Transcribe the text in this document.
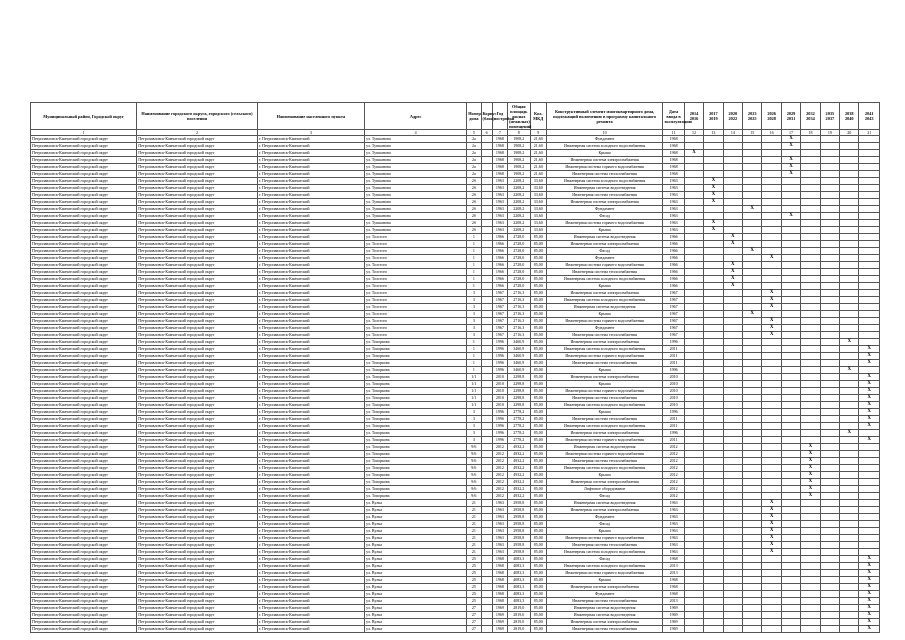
Муниципальный район, Городской округ	Наименование городского округа, городского (сельского) поселения	Наименование населенного пункта	Адрес	Номер дома	Корпус (блок)	Год постройки	Общая площадь жилых (нежилых) помещений	Кол. МКД	Конструктивный элемент многоквартирного дома, подлежащий включению в программу капитального ремонта	Дата ввода в эксплуатацию	2014 2016	2017 2019	2020 2022	2023 2025	2026 2028	2029 2031	2032 2034	2035 2037	2038 2040	2041 2043
1	2	3	4	5	6	7	8	9	10	11	12	13	14	15	16	17	18	19	20	21
Петропавловск-Камчатский городской округ	Петропавловск-Камчатский городской округ	г. Петропавловск-Камчатский	ул. Тушканова	2а		1968	1908,2	21,60	Фундамент	1968						X				
Петропавловск-Камчатский городской округ	Петропавловск-Камчатский городской округ	г. Петропавловск-Камчатский	ул. Тушканова	2а		1968	1908,2	21,60	Инженерная система холодного водоснабжения	1968						X				
Петропавловск-Камчатский городской округ	Петропавловск-Камчатский городской округ	г. Петропавловск-Камчатский	ул. Тушканова	2а		1968	1908,2	21,60	Крыша	1968	X									
Петропавловск-Камчатский городской округ	Петропавловск-Камчатский городской округ	г. Петропавловск-Камчатский	ул. Тушканова	2а		1968	1908,2	21,60	Инженерная система электроснабжения	1968						X				
Петропавловск-Камчатский городской округ	Петропавловск-Камчатский городской округ	г. Петропавловск-Камчатский	ул. Тушканова	2а		1968	1908,2	21,60	Инженерная система горячего водоснабжения	1968						X				
Петропавловск-Камчатский городской округ	Петропавловск-Камчатский городской округ	г. Петропавловск-Камчатский	ул. Тушканова	2а		1968	1908,2	21,60	Инженерная система теплоснабжения	1968						X				
Петропавловск-Камчатский городской округ	Петропавловск-Камчатский городской округ	г. Петропавловск-Камчатский	ул. Тушканова	2б		1963	2208,2	33,60	Инженерная система холодного водоснабжения	1963		X								
Петропавловск-Камчатский городской округ	Петропавловск-Камчатский городской округ	г. Петропавловск-Камчатский	ул. Тушканова	2б		1963	2208,2	33,60	Инженерная система водоотведения	1963		X								
Петропавловск-Камчатский городской округ	Петропавловск-Камчатский городской округ	г. Петропавловск-Камчатский	ул. Тушканова	2б		1963	2208,2	33,60	Инженерная система теплоснабжения	1963		X								
Петропавловск-Камчатский городской округ	Петропавловск-Камчатский городской округ	г. Петропавловск-Камчатский	ул. Тушканова	2б		1963	2208,2	33,60	Инженерная система электроснабжения	1963		X								
Петропавловск-Камчатский городской округ	Петропавловск-Камчатский городской округ	г. Петропавловск-Камчатский	ул. Тушканова	2б		1963	2208,2	33,60	Фундамент	1963				X						
Петропавловск-Камчатский городской округ	Петропавловск-Камчатский городской округ	г. Петропавловск-Камчатский	ул. Тушканова	2б		1963	2208,2	33,60	Фасад	1963						X				
Петропавловск-Камчатский городской округ	Петропавловск-Камчатский городской округ	г. Петропавловск-Камчатский	ул. Тушканова	2б		1963	2208,2	33,60	Инженерная система горячего водоснабжения	1963		X								
Петропавловск-Камчатский городской округ	Петропавловск-Камчатский городской округ	г. Петропавловск-Камчатский	ул. Тушканова	2б		1963	2208,2	33,60	Крыша	1963		X								
Петропавловск-Камчатский городской округ	Петропавловск-Камчатский городской округ	г. Петропавловск-Камчатский	ул. Толстого	1		1966	2728,0	85,00	Инженерная система водоотведения	1966			X							
Петропавловск-Камчатский городской округ	Петропавловск-Камчатский городской округ	г. Петропавловск-Камчатский	ул. Толстого	1		1966	2728,0	85,00	Инженерная система электроснабжения	1966			X							
Петропавловск-Камчатский городской округ	Петропавловск-Камчатский городской округ	г. Петропавловск-Камчатский	ул. Толстого	1		1966	2728,0	85,00	Фасад	1966				X						
Петропавловск-Камчатский городской округ	Петропавловск-Камчатский городской округ	г. Петропавловск-Камчатский	ул. Толстого	1		1966	2728,0	85,00	Фундамент	1966					X					
Петропавловск-Камчатский городской округ	Петропавловск-Камчатский городской округ	г. Петропавловск-Камчатский	ул. Толстого	1		1966	2728,0	85,00	Инженерная система горячего водоснабжения	1966			X							
Петропавловск-Камчатский городской округ	Петропавловск-Камчатский городской округ	г. Петропавловск-Камчатский	ул. Толстого	1		1966	2728,0	85,00	Инженерная система теплоснабжения	1966			X							
Петропавловск-Камчатский городской округ	Петропавловск-Камчатский городской округ	г. Петропавловск-Камчатский	ул. Толстого	1		1966	2728,0	85,00	Инженерная система холодного водоснабжения	1966			X							
Петропавловск-Камчатский городской округ	Петропавловск-Камчатский городской округ	г. Петропавловск-Камчатский	ул. Толстого	1		1966	2728,0	85,00	Крыша	1966			X							
Петропавловск-Камчатский городской округ	Петропавловск-Камчатский городской округ	г. Петропавловск-Камчатский	ул. Толстого	3		1967	2716,3	85,00	Инженерная система электроснабжения	1967					X					
Петропавловск-Камчатский городской округ	Петропавловск-Камчатский городской округ	г. Петропавловск-Камчатский	ул. Толстого	3		1967	2716,3	85,00	Инженерная система холодного водоснабжения	1967					X					
Петропавловск-Камчатский городской округ	Петропавловск-Камчатский городской округ	г. Петропавловск-Камчатский	ул. Толстого	3		1967	2716,3	85,00	Инженерная система водоотведения	1967					X					
Петропавловск-Камчатский городской округ	Петропавловск-Камчатский городской округ	г. Петропавловск-Камчатский	ул. Толстого	3		1967	2716,3	85,00	Крыша	1967				X						
Петропавловск-Камчатский городской округ	Петропавловск-Камчатский городской округ	г. Петропавловск-Камчатский	ул. Толстого	3		1967	2716,3	85,00	Инженерная система горячего водоснабжения	1967					X					
Петропавловск-Камчатский городской округ	Петропавловск-Камчатский городской округ	г. Петропавловск-Камчатский	ул. Толстого	3		1967	2716,3	85,00	Фундамент	1967					X					
Петропавловск-Камчатский городской округ	Петропавловск-Камчатский городской округ	г. Петропавловск-Камчатский	ул. Толстого	3		1967	2716,3	85,00	Инженерная система теплоснабжения	1967					X					
Петропавловск-Камчатский городской округ	Петропавловск-Камчатский городской округ	г. Петропавловск-Камчатский	ул. Топоркова	1		1996	3460,9	85,00	Инженерная система электроснабжения	1996									X	
Петропавловск-Камчатский городской округ	Петропавловск-Камчатский городской округ	г. Петропавловск-Камчатский	ул. Топоркова	1		1996	3460,9	85,00	Инженерная система холодного водоснабжения	2011										X
Петропавловск-Камчатский городской округ	Петропавловск-Камчатский городской округ	г. Петропавловск-Камчатский	ул. Топоркова	1		1996	3460,9	85,00	Инженерная система горячего водоснабжения	2011										X
Петропавловск-Камчатский городской округ	Петропавловск-Камчатский городской округ	г. Петропавловск-Камчатский	ул. Топоркова	1		1996	3460,9	85,00	Инженерная система теплоснабжения	2011										X
Петропавловск-Камчатский городской округ	Петропавловск-Камчатский городской округ	г. Петропавловск-Камчатский	ул. Топоркова	1		1996	3460,9	85,00	Крыша	1996									X	
Петропавловск-Камчатский городской округ	Петропавловск-Камчатский городской округ	г. Петропавловск-Камчатский	ул. Топоркова	1/1		2010	2298,8	85,00	Инженерная система электроснабжения	2010										X
Петропавловск-Камчатский городской округ	Петропавловск-Камчатский городской округ	г. Петропавловск-Камчатский	ул. Топоркова	1/1		2010	2298,8	85,00	Крыша	2010										X
Петропавловск-Камчатский городской округ	Петропавловск-Камчатский городской округ	г. Петропавловск-Камчатский	ул. Топоркова	1/1		2010	2298,8	85,00	Инженерная система горячего водоснабжения	2010										X
Петропавловск-Камчатский городской округ	Петропавловск-Камчатский городской округ	г. Петропавловск-Камчатский	ул. Топоркова	1/1		2010	2298,8	85,00	Инженерная система теплоснабжения	2010										X
Петропавловск-Камчатский городской округ	Петропавловск-Камчатский городской округ	г. Петропавловск-Камчатский	ул. Топоркова	1/1		2010	2298,8	85,00	Инженерная система холодного водоснабжения	2010										X
Петропавловск-Камчатский городской округ	Петропавловск-Камчатский городской округ	г. Петропавловск-Камчатский	ул. Топоркова	3		1996	2778,2	85,00	Крыша	1996										X
Петропавловск-Камчатский городской округ	Петропавловск-Камчатский городской округ	г. Петропавловск-Камчатский	ул. Топоркова	3		1996	2778,2	85,00	Инженерная система теплоснабжения	2011										X
Петропавловск-Камчатский городской округ	Петропавловск-Камчатский городской округ	г. Петропавловск-Камчатский	ул. Топоркова	3		1996	2778,2	85,00	Инженерная система холодного водоснабжения	2011										X
Петропавловск-Камчатский городской округ	Петропавловск-Камчатский городской округ	г. Петропавловск-Камчатский	ул. Топоркова	3		1996	2778,2	85,00	Инженерная система электроснабжения	1996									X	
Петропавловск-Камчатский городской округ	Петропавловск-Камчатский городской округ	г. Петропавловск-Камчатский	ул. Топоркова	3		1996	2778,2	85,00	Инженерная система горячего водоснабжения	2011										X
Петропавловск-Камчатский городской округ	Петропавловск-Камчатский городской округ	г. Петропавловск-Камчатский	ул. Топоркова	9/6		2012	4932,2	85,00	Инженерная система водоотведения	2012							X			
Петропавловск-Камчатский городской округ	Петропавловск-Камчатский городской округ	г. Петропавловск-Камчатский	ул. Топоркова	9/6		2012	4932,2	85,00	Инженерная система горячего водоснабжения	2012							X			
Петропавловск-Камчатский городской округ	Петропавловск-Камчатский городской округ	г. Петропавловск-Камчатский	ул. Топоркова	9/6		2012	4932,2	85,00	Инженерная система теплоснабжения	2012							X			
Петропавловск-Камчатский городской округ	Петропавловск-Камчатский городской округ	г. Петропавловск-Камчатский	ул. Топоркова	9/6		2012	4932,2	85,00	Инженерная система холодного водоснабжения	2012							X			
Петропавловск-Камчатский городской округ	Петропавловск-Камчатский городской округ	г. Петропавловск-Камчатский	ул. Топоркова	9/6		2012	4932,2	85,00	Крыша	2012							X			
Петропавловск-Камчатский городской округ	Петропавловск-Камчатский городской округ	г. Петропавловск-Камчатский	ул. Топоркова	9/6		2012	4932,2	85,00	Инженерная система электроснабжения	2012							X			
Петропавловск-Камчатский городской округ	Петропавловск-Камчатский городской округ	г. Петропавловск-Камчатский	ул. Топоркова	9/6		2012	4932,2	85,00	Лифтовое оборудование	2012							X			
Петропавловск-Камчатский городской округ	Петропавловск-Камчатский городской округ	г. Петропавловск-Камчатский	ул. Топоркова	9/6		2012	4932,2	85,00	Фасад	2012							X			
Петропавловск-Камчатский городской округ	Петропавловск-Камчатский городской округ	г. Петропавловск-Камчатский	ул. Вулка	21		1963	2958,8	85,00	Инженерная система водоотведения	1963					X					
Петропавловск-Камчатский городской округ	Петропавловск-Камчатский городской округ	г. Петропавловск-Камчатский	ул. Вулка	21		1963	2958,8	85,00	Инженерная система электроснабжения	1963					X					
Петропавловск-Камчатский городской округ	Петропавловск-Камчатский городской округ	г. Петропавловск-Камчатский	ул. Вулка	21		1963	2958,8	85,00	Фундамент	1963					X					
Петропавловск-Камчатский городской округ	Петропавловск-Камчатский городской округ	г. Петропавловск-Камчатский	ул. Вулка	21		1963	2958,8	85,00	Фасад	1963					X					
Петропавловск-Камчатский городской округ	Петропавловск-Камчатский городской округ	г. Петропавловск-Камчатский	ул. Вулка	21		1963	2958,8	85,00	Крыша	1963					X					
Петропавловск-Камчатский городской округ	Петропавловск-Камчатский городской округ	г. Петропавловск-Камчатский	ул. Вулка	21		1963	2958,8	85,00	Инженерная система горячего водоснабжения	1963					X					
Петропавловск-Камчатский городской округ	Петропавловск-Камчатский городской округ	г. Петропавловск-Камчатский	ул. Вулка	21		1963	2958,8	85,00	Инженерная система теплоснабжения	1963					X					
Петропавловск-Камчатский городской округ	Петропавловск-Камчатский городской округ	г. Петропавловск-Камчатский	ул. Вулка	21		1963	2958,8	85,00	Инженерная система холодного водоснабжения	1963					X					
Петропавловск-Камчатский городской округ	Петропавловск-Камчатский городской округ	г. Петропавловск-Камчатский	ул. Вулка	25		1968	4083,3	85,00	Фасад	1968										X
Петропавловск-Камчатский городской округ	Петропавловск-Камчатский городской округ	г. Петропавловск-Камчатский	ул. Вулка	25		1968	4083,3	85,00	Инженерная система холодного водоснабжения	2013										X
Петропавловск-Камчатский городской округ	Петропавловск-Камчатский городской округ	г. Петропавловск-Камчатский	ул. Вулка	25		1968	4083,3	85,00	Инженерная система горячего водоснабжения	2013										X
Петропавловск-Камчатский городской округ	Петропавловск-Камчатский городской округ	г. Петропавловск-Камчатский	ул. Вулка	25		1968	4083,3	85,00	Крыша	1968										X
Петропавловск-Камчатский городской округ	Петропавловск-Камчатский городской округ	г. Петропавловск-Камчатский	ул. Вулка	25		1968	4083,3	85,00	Инженерная система электроснабжения	1968										X
Петропавловск-Камчатский городской округ	Петропавловск-Камчатский городской округ	г. Петропавловск-Камчатский	ул. Вулка	25		1968	4083,3	85,00	Фундамент	1968										X
Петропавловск-Камчатский городской округ	Петропавловск-Камчатский городской округ	г. Петропавловск-Камчатский	ул. Вулка	25		1968	4083,3	85,00	Инженерная система теплоснабжения	2013										X
Петропавловск-Камчатский городской округ	Петропавловск-Камчатский городской округ	г. Петропавловск-Камчатский	ул. Вулка	27		1969	2819,0	85,00	Инженерная система водоотведения	1969										X
Петропавловск-Камчатский городской округ	Петропавловск-Камчатский городской округ	г. Петропавловск-Камчатский	ул. Вулка	27		1969	2819,0	85,00	Инженерная система водоотведения	1969										X
Петропавловск-Камчатский городской округ	Петропавловск-Камчатский городской округ	г. Петропавловск-Камчатский	ул. Вулка	27		1969	2819,0	85,00	Инженерная система электроснабжения	1969										X
Петропавловск-Камчатский городской округ	Петропавловск-Камчатский городской округ	г. Петропавловск-Камчатский	ул. Вулка	27		1969	2819,0	85,00	Инженерная система теплоснабжения	1969										X
